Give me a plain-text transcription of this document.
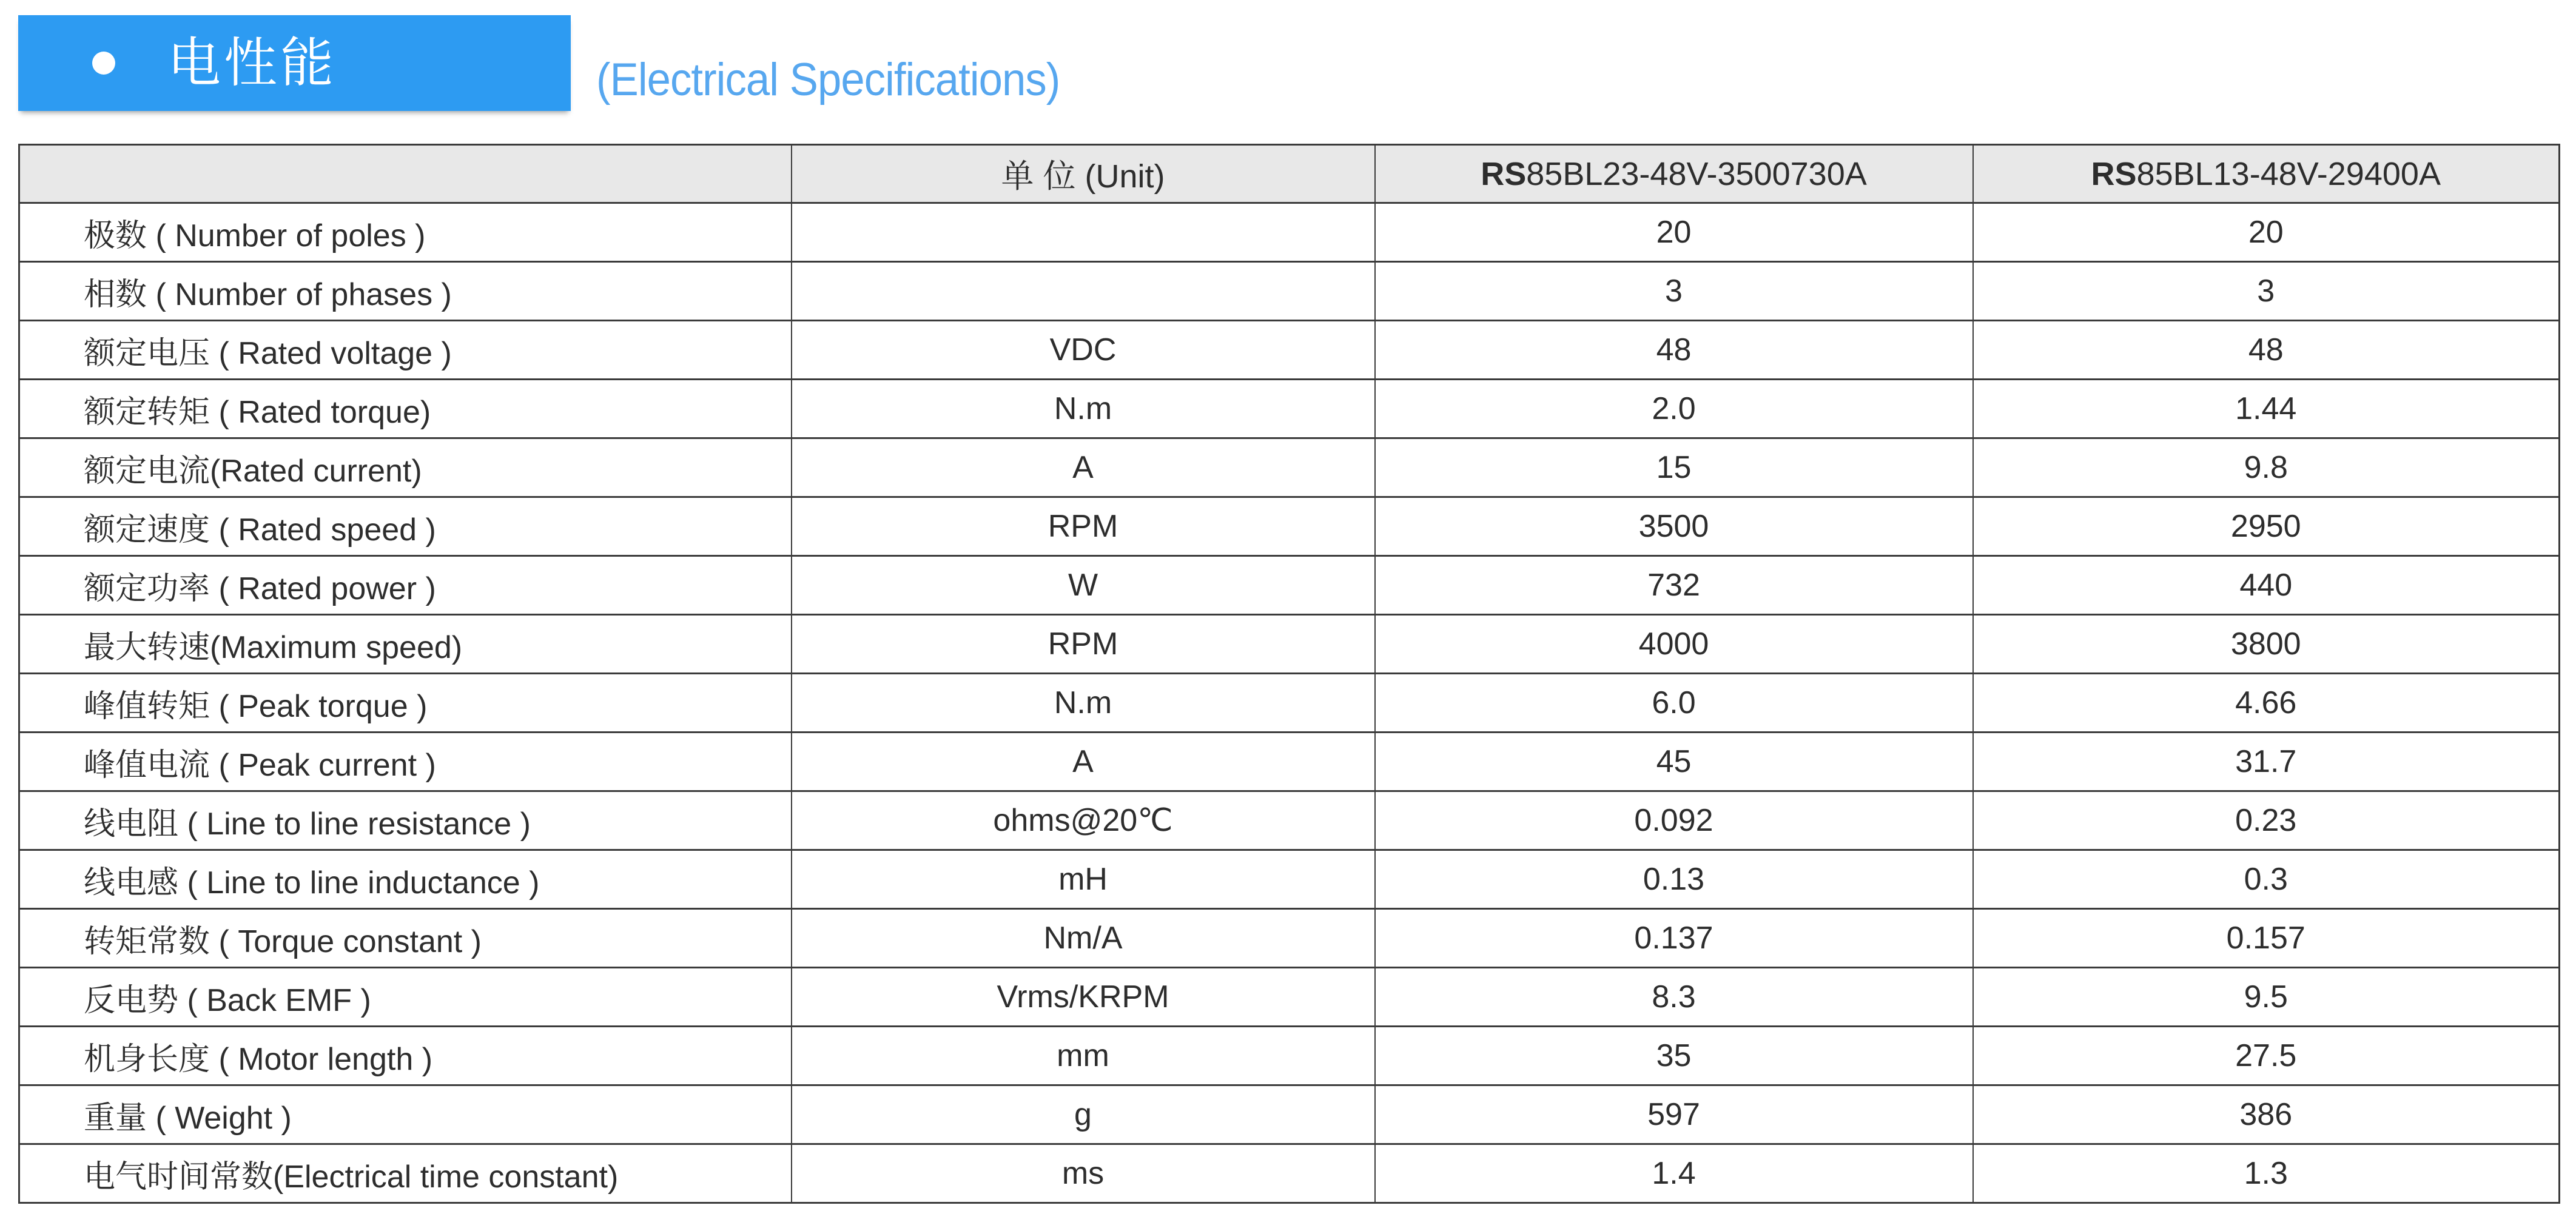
电性能	(Electrical Specifications)
	单 位 (Unit)	RS85BL23-48V-3500730A	RS85BL13-48V-29400A
极数 ( Number of poles )		20	20
相数 ( Number of phases )		3	3
额定电压 ( Rated voltage )	VDC	48	48
额定转矩 ( Rated torque)	N.m	2.0	1.44
额定电流(Rated current)	A	15	9.8
额定速度 ( Rated speed )	RPM	3500	2950
额定功率 ( Rated power )	W	732	440
最大转速(Maximum speed)	RPM	4000	3800
峰值转矩 ( Peak torque )	N.m	6.0	4.66
峰值电流 ( Peak current )	A	45	31.7
线电阻 ( Line to line resistance )	ohms@20℃	0.092	0.23
线电感 ( Line to line inductance )	mH	0.13	0.3
转矩常数 ( Torque constant )	Nm/A	0.137	0.157
反电势 ( Back EMF )	Vrms/KRPM	8.3	9.5
机身长度 ( Motor length )	mm	35	27.5
重量 ( Weight )	g	597	386
电气时间常数(Electrical time constant)	ms	1.4	1.3
